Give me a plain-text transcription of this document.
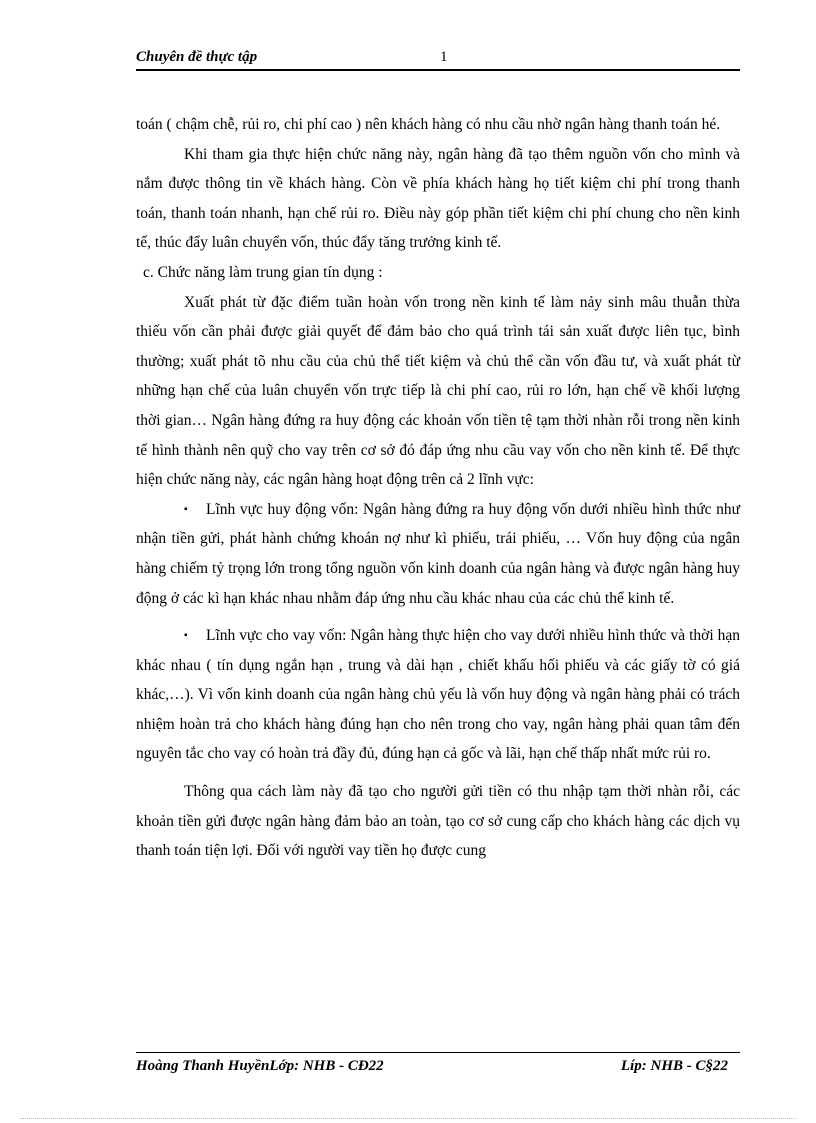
Chuyên đề thực tập	1

toán ( chậm chễ, rủi ro, chi phí cao ) nên khách hàng có nhu cầu nhờ ngân hàng thanh toán hé.

Khi tham gia thực hiện chức năng này, ngân hàng đã tạo thêm nguồn vốn cho mình và nắm được thông tin về khách hàng. Còn về phía khách hàng họ tiết kiệm chi phí trong thanh toán, thanh toán nhanh, hạn chế rủi ro. Điều này góp phần tiết kiệm chi phí chung cho nền kinh tế, thúc đẩy luân chuyển vốn, thúc đẩy tăng trưởng kinh tế.

c. Chức năng làm trung gian tín dụng :

Xuất phát từ đặc điểm tuần hoàn vốn trong nền kinh tế làm nảy sinh mâu thuẫn thừa thiếu vốn cần phải được giải quyết để đảm bảo cho quá trình tái sản xuất được liên tục, bình thường; xuất phát tõ nhu cầu của chủ thể tiết kiệm và chủ thể cần vốn đầu tư, và xuất phát từ những hạn chế của luân chuyển vốn trực tiếp là chi phí cao, rủi ro lớn, hạn chế về khối lượng thời gian… Ngân hàng đứng ra huy động các khoản vốn tiền tệ tạm thời nhàn rỗi trong nền kinh tế hình thành nên quỹ cho vay trên cơ sở đó đáp ứng nhu cầu vay vốn cho nền kinh tế. Để thực hiện chức năng này, các ngân hàng hoạt động trên cả 2 lĩnh vực:

▪ Lĩnh vực huy động vốn: Ngân hàng đứng ra huy động vốn dưới nhiều hình thức như nhận tiền gửi, phát hành chứng khoán nợ như kì phiếu, trái phiếu, … Vốn huy động của ngân hàng chiếm tỷ trọng lớn trong tổng nguồn vốn kinh doanh của ngân hàng và được ngân hàng huy động ở các kì hạn khác nhau nhằm đáp ứng nhu cầu khác nhau của các chủ thể kinh tế.

▪ Lĩnh vực cho vay vốn: Ngân hàng thực hiện cho vay dưới nhiều hình thức và thời hạn khác nhau ( tín dụng ngắn hạn , trung và dài hạn , chiết khấu hối phiếu và các giấy tờ có giá khác,…). Vì vốn kinh doanh của ngân hàng chủ yếu là vốn huy động và ngân hàng phải có trách nhiệm hoàn trả cho khách hàng đúng hạn cho nên trong cho vay, ngân hàng phải quan tâm đến nguyên tắc cho vay có hoàn trả đầy đủ, đúng hạn cả gốc và lãi, hạn chế thấp nhất mức rủi ro.

Thông qua cách làm này đã tạo cho người gửi tiền có thu nhập tạm thời nhàn rỗi, các khoản tiền gửi được ngân hàng đảm bảo an toàn, tạo cơ sở cung cấp cho khách hàng các dịch vụ thanh toán tiện lợi. Đối với người vay tiền họ được cung

Hoàng Thanh HuyềnLớp: NHB - CĐ22	Líp: NHB - C§22
